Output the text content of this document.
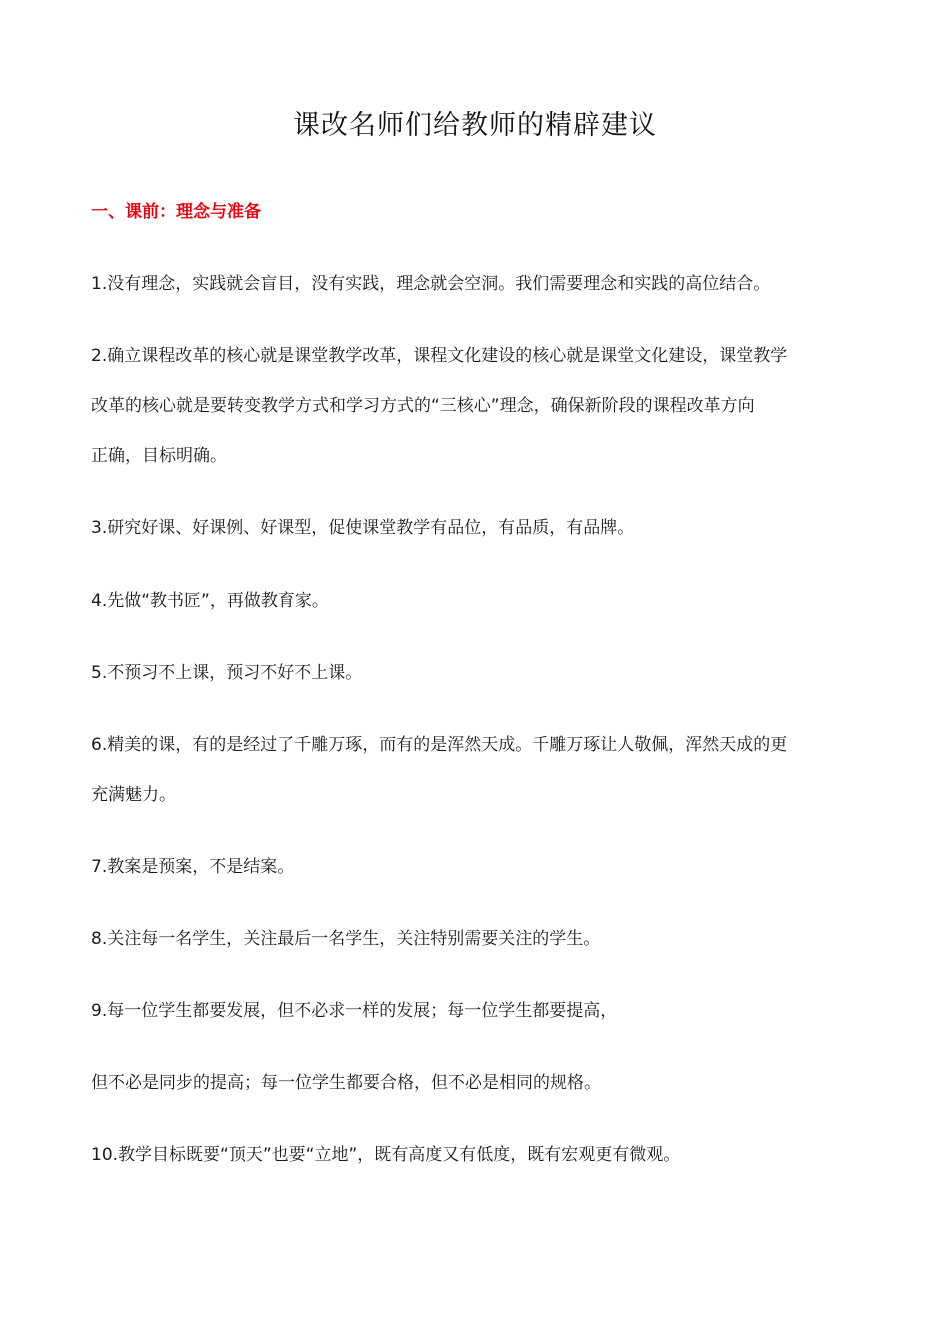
课改名师们给教师的精辟建议
一、课前：理念与准备
1.没有理念，实践就会盲目，没有实践，理念就会空洞。我们需要理念和实践的高位结合。
2.确立课程改革的核心就是课堂教学改革，课程文化建设的核心就是课堂文化建设，课堂教学
改革的核心就是要转变教学方式和学习方式的“三核心”理念，确保新阶段的课程改革方向
正确，目标明确。
3.研究好课、好课例、好课型，促使课堂教学有品位，有品质，有品牌。
4.先做“教书匠”，再做教育家。
5.不预习不上课，预习不好不上课。
6.精美的课，有的是经过了千雕万琢，而有的是浑然天成。千雕万琢让人敬佩，浑然天成的更
充满魅力。
7.教案是预案，不是结案。
8.关注每一名学生，关注最后一名学生，关注特别需要关注的学生。
9.每一位学生都要发展，但不必求一样的发展；每一位学生都要提高，
但不必是同步的提高；每一位学生都要合格，但不必是相同的规格。
10.教学目标既要“顶天”也要“立地”，既有高度又有低度，既有宏观更有微观。
